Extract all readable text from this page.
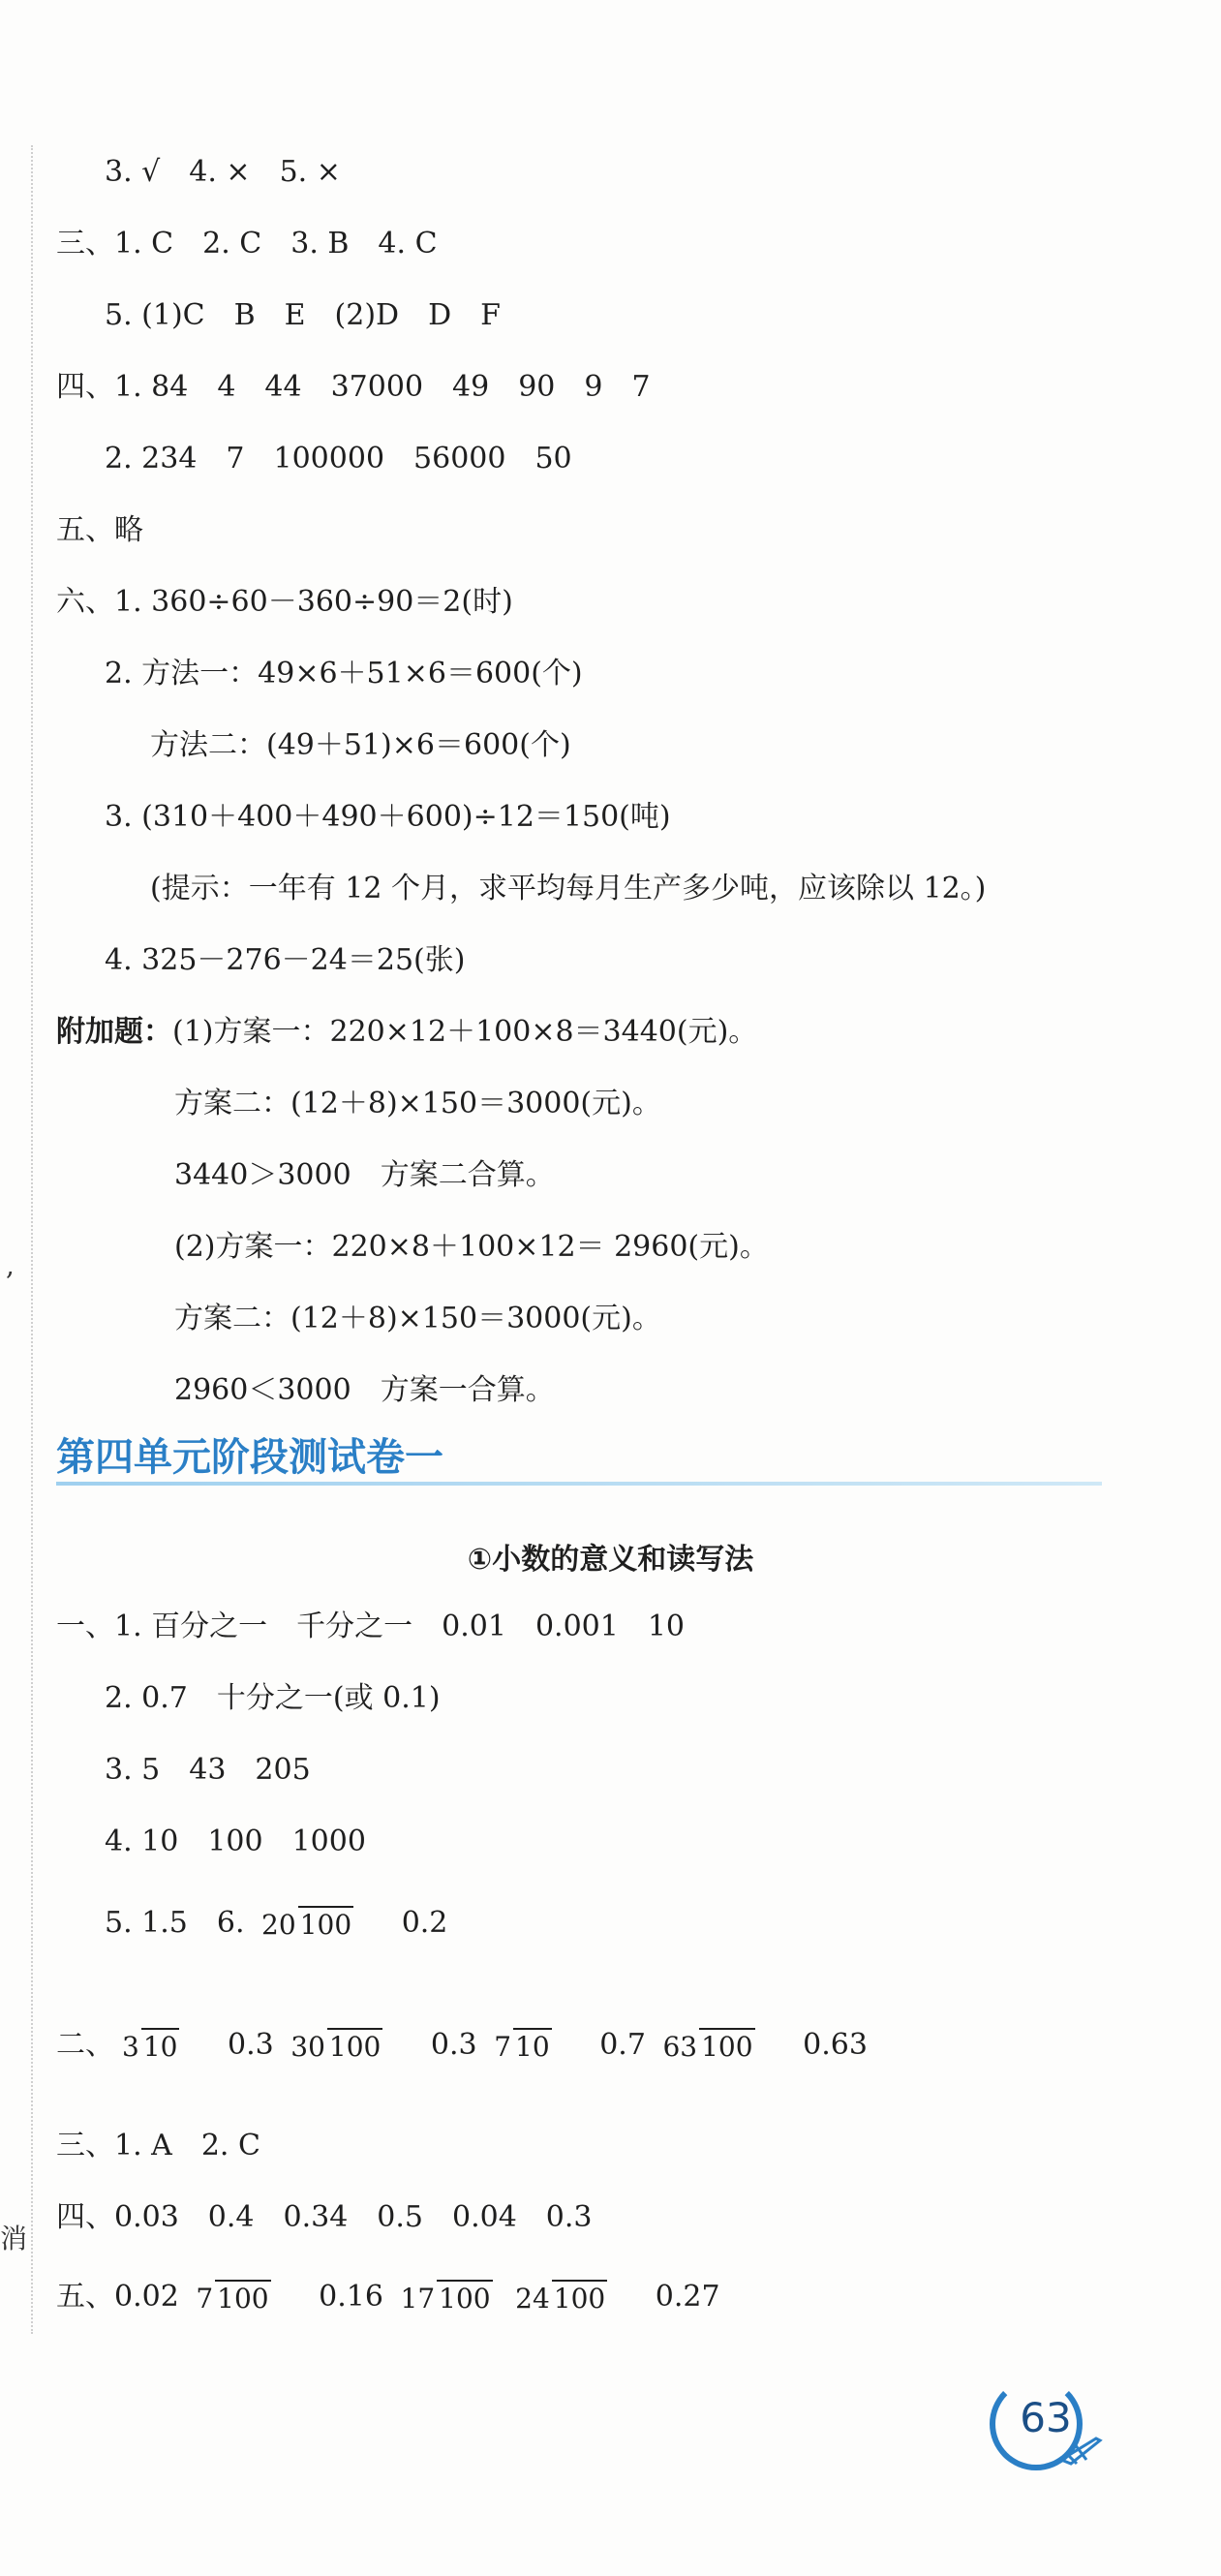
,
消
3. √　4. ×　5. ×
三、1. C　2. C　3. B　4. C
5. (1)C　B　E　(2)D　D　F
四、1. 84　4　44　37000　49　90　9　7
2. 234　7　100000　56000　50
五、略
六、1. 360÷60－360÷90＝2(时)
2. 方法一：49×6＋51×6＝600(个)
方法二：(49＋51)×6＝600(个)
3. (310＋400＋490＋600)÷12＝150(吨)
(提示：一年有 12 个月，求平均每月生产多少吨，应该除以 12。)
4. 325－276－24＝25(张)
附加题：(1)方案一：220×12＋100×8＝3440(元)。
方案二：(12＋8)×150＝3000(元)。
3440＞3000　方案二合算。
(2)方案一：220×8＋100×12＝ 2960(元)。
方案二：(12＋8)×150＝3000(元)。
2960＜3000　方案一合算。
第四单元阶段测试卷一
①小数的意义和读写法
一、1. 百分之一　千分之一　0.01　0.001　10
2. 0.7　十分之一(或 0.1)
3. 5　43　205
4. 10　100　1000
5. 1.5　6. 20 100 0.2
二、 3 10 0.3 30 100 0.3 7 10 0.7 63 100 0.63
三、1. A　2. C
四、0.03　0.4　0.34　0.5　0.04　0.3
五、0.02 7 100 0.16 17 100 24 100 0.27
63
